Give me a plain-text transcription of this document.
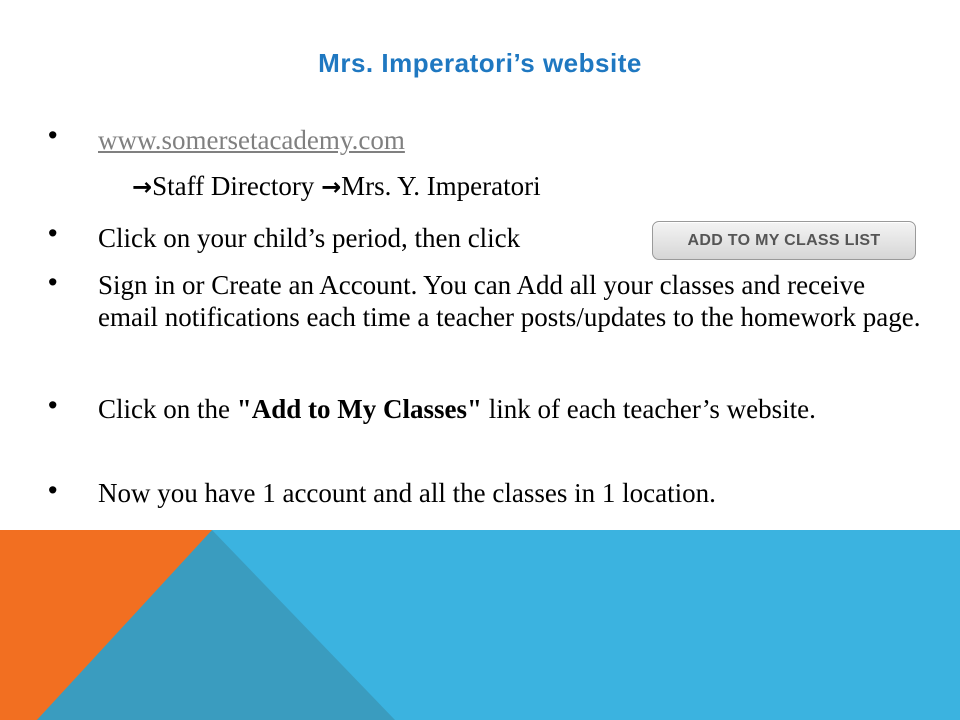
Mrs. Imperatori’s website
• www.somersetacademy.com
→Staff Directory →Mrs. Y. Imperatori
• Click on your child’s period, then click
• Sign in or Create an Account. You can Add all your classes and receive email notifications each time a teacher posts/updates to the homework page.
• Click on the "Add to My Classes" link of each teacher’s website.
• Now you have 1 account and all the classes in 1 location.
ADD TO MY CLASS LIST
